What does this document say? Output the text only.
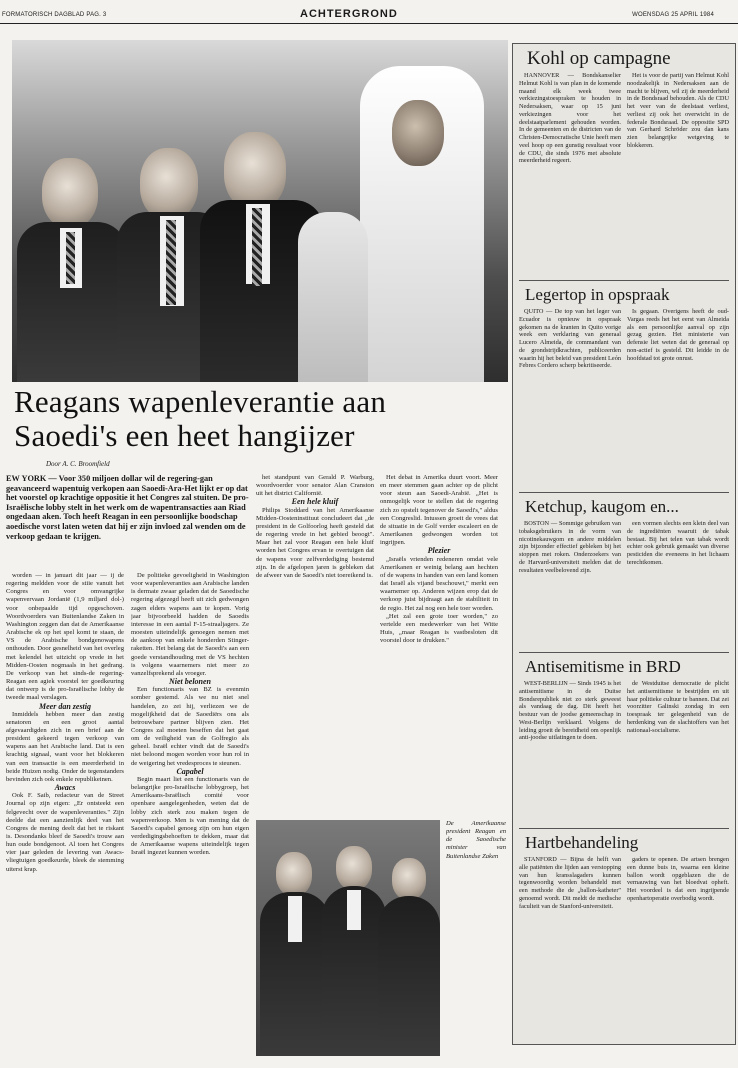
FORMATORISCH DAGBLAD PAG. 3	ACHTERGROND	WOENSDAG 25 APRIL 1984
Reagans wapenleverantie aan
Saoedi's een heet hangijzer
Door A. C. Broomfield
EW YORK — Voor 350 miljoen dollar wil de regering-gan geavanceerd wapentuig verkopen aan Saoedi-Ara-Het lijkt er op dat het voorstel op krachtige oppositie it het Congres zal stuiten. De pro-Israëlische lobby stelt in het werk om de wapentransacties aan Riad ongedaan aken. Toch heeft Reagan in een persoonlijke boodschap aoedische vorst laten weten dat hij er zijn invloed zal wenden om de verkoop gedaan te krijgen.

worden — in januari dit jaar — ij de regering meldden voor de stiie vanuit het Congres en voor omvangrijke wapenvervaan Jordanië (1,9 miljard dol-) voor onbepaalde tijd opgeschoven. Woordvoerders van Buitenlandse Zaken in Washington zeggen dan dat de Amerikaanse Arabische ek op het spel komt te staan, de VS de Arabische bondgenowapens onthouden. Door gesnelheid van het overleg met kelendel het uitzicht op vrede in het Midden-Oosten nogmaals in het gedrang. De verkoop van het sinds-de regering-Reagan een agiek voorstel ter goedkeuring dat ontwerp is de pro-Israëlische lobby de tweede maal verslagen.

Meer dan zestig

Inmiddels hebben meer dan zestig senatoren en een groot aantal afgevaardigden zich in een brief aan de president gekeerd tegen verkoop van wapens aan het Arabische land. Dat is een krachtig signaal, want voor het blokkeren van een transactie is een meerderheid in beide Huizen nodig. Onder de tegenstanders bevinden zich ook enkele republikeinen.

Awacs

Ook F. Saib, redacteur van de Street Journal op zijn eigen: „Er ontsteekt een felgevecht over de wapenleveranties." Zijn deelde dat een aanzienlijk deel van het Congres de mening deelt dat het te riskant is. Desondanks bleef de Saoedi's trouw aan hun oude bondgenoot. Al toen het Congres vier jaar geleden de levering van Awacs-vliegtuigen goedkeurde, bleek de stemming uiterst krap.

De politieke gevoeligheid in Washington voor wapenleveranties aan Arabische landen is dermate zwaar geladen dat de Saoedische regering afgezegd heeft uit zich gedwongen zagen elders wapens aan te kopen. Vorig jaar bijvoorbeeld hadden de Saoedis interesse in een aantal F-15-straaljagers. Ze moesten uiteindelijk genoegen nemen met de aankoop van enkele honderden Stinger-raketten. Het belang dat de Saoedi's aan een goede verstandhouding met de VS hechten is volgens waarnemers niet meer zo vanzelfsprekend als vroeger.

Niet belonen

Een functionaris van BZ is evenmin somber gestemd. Als we nu niet snel handelen, zo zei hij, verliezen we de mogelijkheid dat de Saoediërs ons als betrouwbare partner blijven zien. Het Congres zal moeten beseffen dat het gaat om de veiligheid van de Golfregio als geheel. Israël echter vindt dat de Saoedi's niet beloond mogen worden voor hun rol in de weigering het vredesproces te steunen.

Capabel

Begin maart liet een functionaris van de belangrijke pro-Israëlische lobbygroep, het Amerikaans-Israëlisch comité voor openbare aangelegenheden, weten dat de lobby zich sterk zou maken tegen de wapenverkoop. Men is van mening dat de Saoedi's capabel genoeg zijn om hun eigen verdedigingsbehoeften te dekken, maar dat de Amerikaanse wapens uiteindelijk tegen Israël ingezet kunnen worden.

het standpunt van Gerald P. Warburg, woordvoerder voor senator Alan Cranston uit het district Californië.

Een hele kluif

Philips Stoddard van het Amerikaanse Midden-Oosteninstituut concludeert dat „de president in de Golfoorlog heeft gesteld dat de regering vrede in het gebied beoogt". Maar het zal voor Reagan een hele kluif worden het Congres ervan te overtuigen dat de wapens voor zelfverdediging bestemd zijn. In de afgelopen jaren is gebleken dat de afweer van de Saoedi's niet toereikend is.

Het debat in Amerika duurt voort. Meer en meer stemmen gaan achter op de plicht voor steun aan Saoedi-Arabië. „Het is onmogelijk voor te stellen dat de regering zich zo opstelt tegenover de Saoedi's," aldus een Congreslid. Intussen groeit de vrees dat de situatie in de Golf verder escaleert en de Amerikanen gedwongen worden tot ingrijpen.

Plezier

„Israëls vrienden redeneren omdat vele Amerikanen er weinig belang aan hechten of de wapens in handen van een land komen dat Israël als vijand beschouwt," merkt een waarnemer op. Anderen wijzen erop dat de verkoop juist bijdraagt aan de stabiliteit in de regio. Het zal nog een hele toer worden.

„Het zal een grote toer worden," zo vertelde een medewerker van het Witte Huis, „maar Reagan is vastbesloten dit voorstel door te drukken."

De Amerikaanse president Reagan en de Saoedische minister van Buitenlandse Zaken

Kohl op campagne

HANNOVER — Bondskanselier Helmut Kohl is van plan in de komende maand elk week twee verkiezingstoespraken te houden in Nedersaksen, waar op 15 juni verkiezingen voor het deelstaatparlement gehouden worden. In de gemeenten en de districten van de Christen-Democratische Unie heeft men veel hoop op een gunstig resultaat voor de CDU, die sinds 1976 met absolute meerderheid regeert.

Het is voor de partij van Helmut Kohl noodzakelijk in Nedersaksen aan de macht te blijven, wil zij de meerderheid in de Bondsraad behouden. Als de CDU het veer van de deelstaat verliest, verliest zij ook het overwicht in de federale Bondsraad. De oppositie SPD van Gerhard Schröder zou dan kans zien belangrijke wetgeving te blokkeren.

Legertop in opspraak

QUITO — De top van het leger van Ecuador is opnieuw in opspraak gekomen na de kranten in Quito vorige week een verklaring van generaal Lucero Almeida, de commandant van de grondstrijdkrachten, publiceerden waarin hij het beleid van president León Febres Cordero scherp bekritiseerde.

Is gegaan. Overigens heeft de oud-Vargas reeds het het eerst van Almeida als een persoonlijke aanval op zijn gezag gezien. Het ministerie van defensie liet weten dat de generaal op non-actief is gesteld. Dit leidde in de hoofdstad tot grote onrust.

Ketchup, kaugom en...

BOSTON — Sommige gebruiken van tobaksgebruikers in de vorm van nicotinekauwgom en andere middelen zijn bijzonder effectief gebleken bij het stoppen met roken. Onderzoekers van de Harvard-universiteit melden dat de resultaten veelbelovend zijn.

een vormen slechts een klein deel van de ingrediënten waaruit de tabak bestaat. Bij het telen van tabak wordt echter ook gebruik gemaakt van diverse pesticiden die eveneens in het lichaam terechtkomen.

Antisemitisme in BRD

WEST-BERLIJN — Sinds 1945 is het antisemitisme in de Duitse Bondsrepubliek niet zo sterk geweest als vandaag de dag. Dit heeft het bestuur van de joodse gemeenschap in West-Berlijn verklaard. Volgens de leiding groeit de bereidheid om openlijk anti-joodse uitlatingen te doen.

de Westduitse democratie de plicht het antisemitisme te bestrijden en uit haar politieke cultuur te bannen. Dat zei voorzitter Galinski zondag in een toespraak ter gelegenheid van de herdenking van de slachtoffers van het nationaal-socialisme.

Hartbehandeling

STANFORD — Bijna de helft van alle patiënten die lijden aan verstopping van hun kransslagaders kunnen tegenwoordig worden behandeld met een methode die de „ballon-katheter" genoemd wordt. Dit meldt de medische faculteit van de Stanford-universiteit.

gaders te openen. De artsen brengen een dunne buis in, waarna een kleine ballon wordt opgeblazen die de vernauwing van het bloedvat opheft. Het voordeel is dat een ingrijpende openhartoperatie overbodig wordt.
